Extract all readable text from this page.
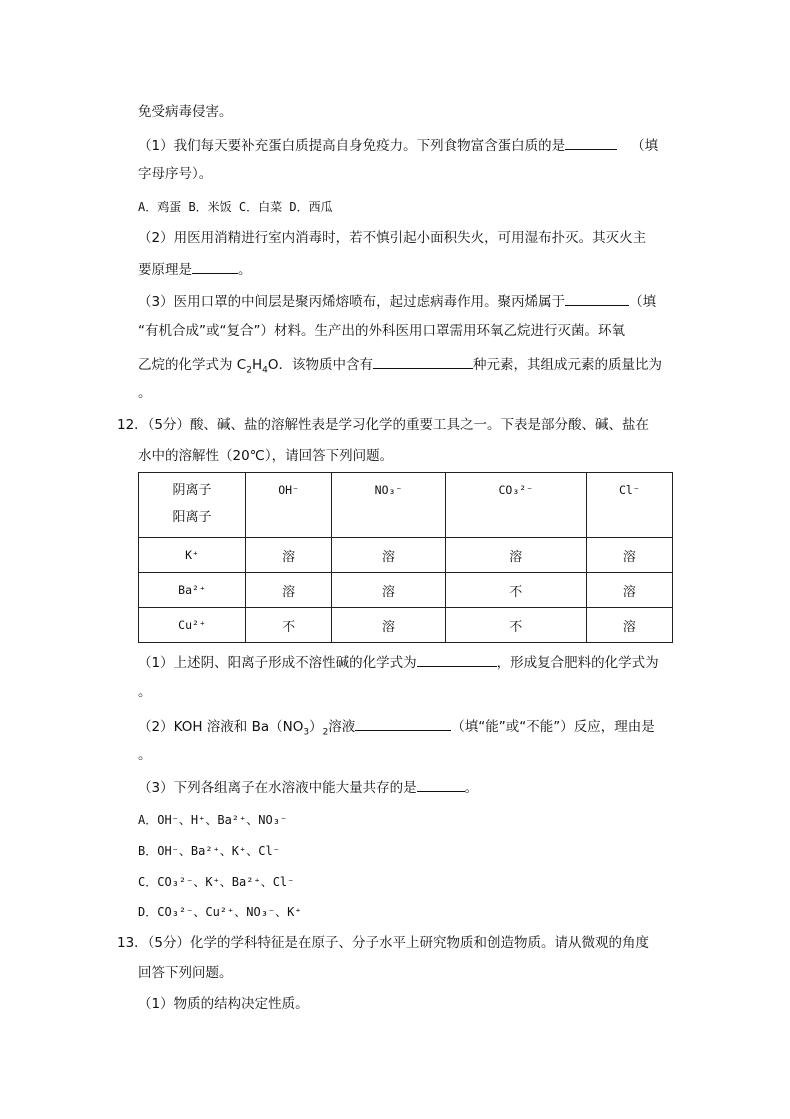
免受病毒侵害。
（1）我们每天要补充蛋白质提高自身免疫力。下列食物富含蛋白质的是	（填
字母序号）。
A．鸡蛋 B．米饭 C．白菜 D．西瓜
（2）用医用消精进行室内消毒时，若不慎引起小面积失火，可用湿布扑灭。其灭火主
要原理是	。
（3）医用口罩的中间层是聚丙烯熔喷布，起过虑病毒作用。聚丙烯属于	（填
“有机合成”或“复合”）材料。生产出的外科医用口罩需用环氧乙烷进行灭菌。环氧
乙烷的化学式为 $C_2H_4O$．该物质中含有	种元素，其组成元素的质量比为
。
12．（5分）酸、碱、盐的溶解性表是学习化学的重要工具之一。下表是部分酸、碱、盐在
水中的溶解性（20℃），请回答下列问题。
阴离子
阳离子	OH⁻	NO₃⁻	CO₃²⁻	Cl⁻

K⁺	溶	溶	溶	溶
Ba²⁺	溶	溶	不	溶
Cu²⁺	不	溶	不	溶
（1）上述阴、阳离子形成不溶性碱的化学式为	，形成复合肥料的化学式为
。
（2）KOH 溶液和 $Ba(NO_3)_2$溶液	（填“能”或“不能”）反应，理由是
。
（3）下列各组离子在水溶液中能大量共存的是	。
A．OH⁻、H⁺、Ba²⁺、NO₃⁻
B．OH⁻、Ba²⁺、K⁺、Cl⁻
C．CO₃²⁻、K⁺、Ba²⁺、Cl⁻
D．CO₃²⁻、Cu²⁺、NO₃⁻、K⁺
13．（5分）化学的学科特征是在原子、分子水平上研究物质和创造物质。请从微观的角度
回答下列问题。
（1）物质的结构决定性质。
